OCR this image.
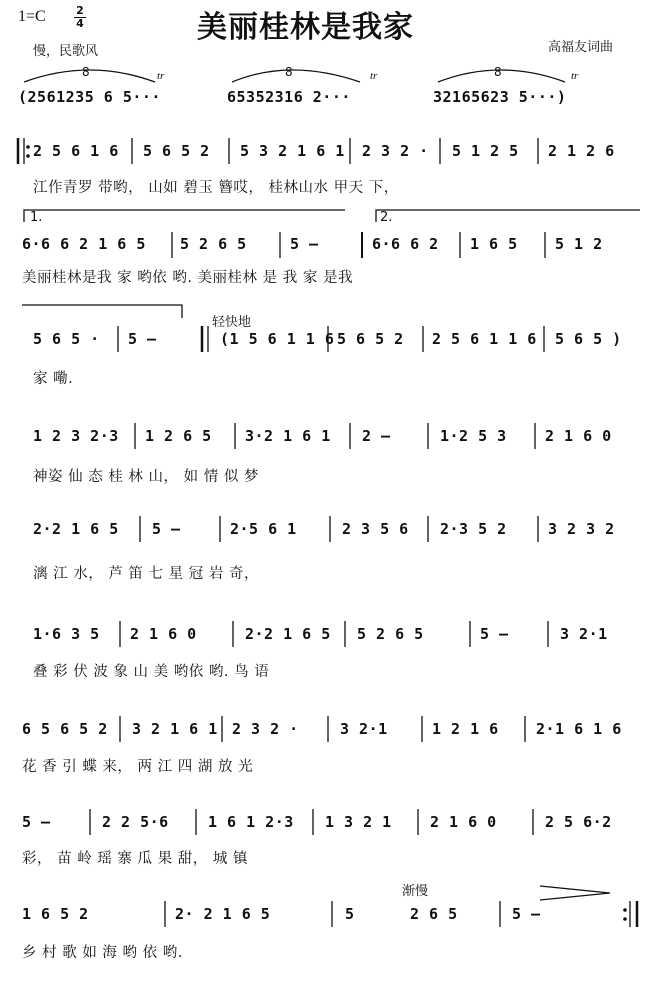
1=C	2
4	美丽桂林是我家
高福友词曲
慢，民歌风
(2561235 6 5···	65352316 2···	32165623 5···)
8	8	8
tr	tr	tr
2 5 6 1 6 5 6 5 2 5 3 2 1 6 1 2 3 2 · 5 1 2 5 2 1 2 6
江作青罗 带哟， 山如 碧玉 簪哎， 桂林山水 甲天 下，
1.	2.
6·6 6 2 1 6 5 5 2 6 5	5 –	6·6 6 2 1 6 5 5 1 2
美丽桂林是我 家 哟依 哟. 美丽桂林 是 我 家 是我
轻快地
5 6 5 · 5 –	(1 5 6 1 1 6 5 6 5 2 2 5 6 1 1 6 5 6 5 )
家 嘞.
1 2 3 2·3 1 2 6 5 3·2 1 6 1 2 –	1·2 5 3	2 1 6 0
神姿 仙 态 桂 林 山， 如 情 似 梦
2·2 1 6 5 5 –	2·5 6 1	2 3 5 6 2·3 5 2	3 2 3 2
漓 江 水， 芦 笛 七 星 冠 岩 奇，
1·6 3 5 2 1 6 0	2·2 1 6 5 5 2 6 5	5 –	3 2·1
叠 彩 伏 波 象 山 美 哟依 哟. 鸟 语
6 5 6 5 2 3 2 1 6 1 2 3 2 ·	3 2·1	1 2 1 6 2·1 6 1 6
花 香 引 蝶 来， 两 江 四 湖 放 光
5 –	2 2 5·6	1 6 1 2·3 1 3 2 1	2 1 6 0	2 5 6·2
彩， 苗 岭 瑶 寨 瓜 果 甜， 城 镇
渐慢
1 6 5 2	2· 2 1 6 5	5	2 6 5	5 –
乡 村 歌 如 海 哟 依 哟.
